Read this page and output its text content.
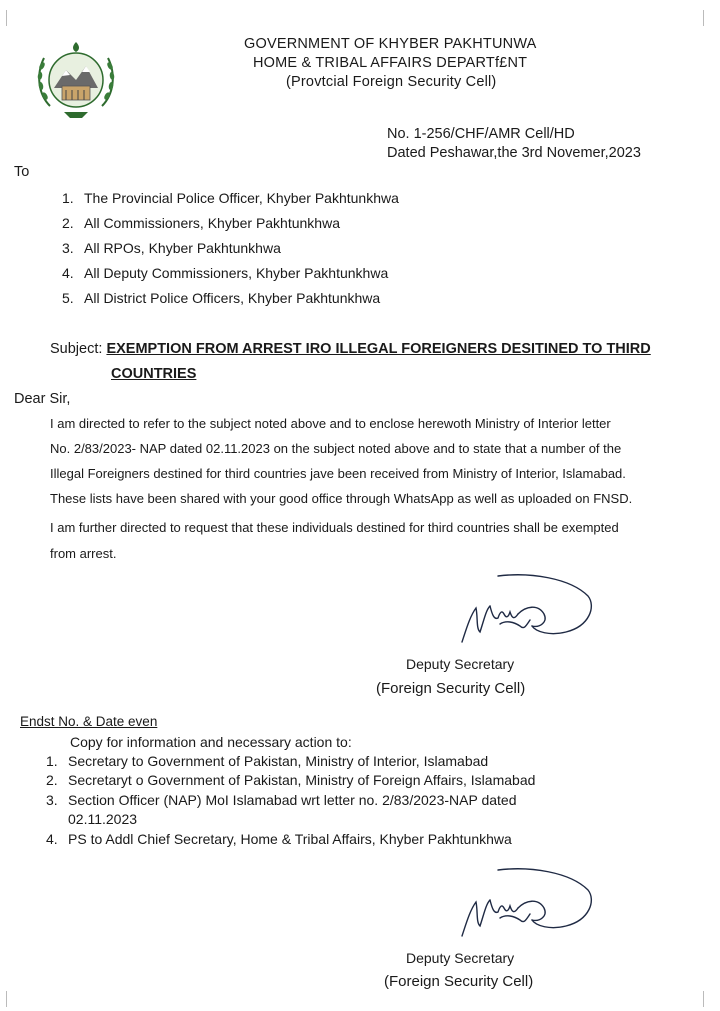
GOVERNMENT OF KHYBER PAKHTUNWA
HOME & TRIBAL AFFAIRS DEPARTf£NT
(Provtcial Foreign Security Cell)
No. 1-256/CHF/AMR Cell/HD
Dated Peshawar,the 3rd Novemer,2023
To
1. The Provincial Police Officer, Khyber Pakhtunkhwa
2. All Commissioners, Khyber Pakhtunkhwa
3. All RPOs, Khyber Pakhtunkhwa
4. All Deputy Commissioners, Khyber Pakhtunkhwa
5. All District Police Officers, Khyber Pakhtunkhwa
Subject: EXEMPTION FROM ARREST IRO ILLEGAL FOREIGNERS DESITINED TO THIRD
COUNTRIES
Dear Sir,
I am directed to refer to the subject noted above and to enclose herewoth Ministry of Interior letter
No. 2/83/2023- NAP dated 02.11.2023 on the subject noted above and to state that a number of the
Illegal Foreigners destined for third countries jave been received from Ministry of Interior, Islamabad.
These lists have been shared with your good office through WhatsApp as well as uploaded on FNSD.
I am further directed to request that these individuals destined for third countries shall be exempted
from arrest.
Deputy Secretary
(Foreign Security Cell)
Endst No. & Date even
Copy for information and necessary action to:
1. Secretary to Government of Pakistan, Ministry of Interior, Islamabad
2. Secretaryt o Government of Pakistan, Ministry of Foreign Affairs, Islamabad
3. Section Officer (NAP) MoI Islamabad wrt letter no. 2/83/2023-NAP dated
02.11.2023
4. PS to Addl Chief Secretary, Home & Tribal Affairs, Khyber Pakhtunkhwa
Deputy Secretary
(Foreign Security Cell)
